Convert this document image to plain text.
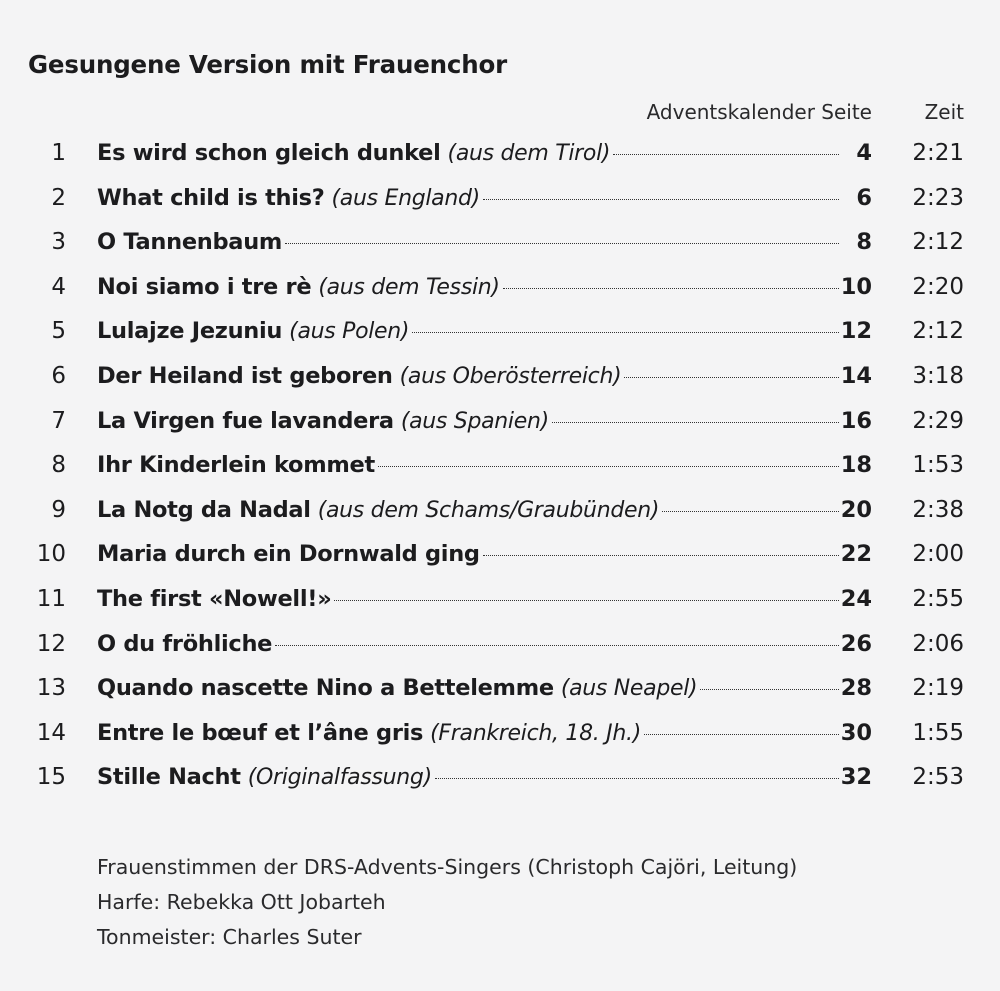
Gesungene Version mit Frauenchor
Adventskalender Seite	Zeit
1 Es wird schon gleich dunkel (aus dem Tirol)	4 2:21
2 What child is this? (aus England)	6 2:23
3 O Tannenbaum	8 2:12
4 Noi siamo i tre rè (aus dem Tessin)	10 2:20
5 Lulajze Jezuniu (aus Polen)	12 2:12
6 Der Heiland ist geboren (aus Oberösterreich)	14 3:18
7 La Virgen fue lavandera (aus Spanien)	16 2:29
8 Ihr Kinderlein kommet	18 1:53
9 La Notg da Nadal (aus dem Schams/Graubünden)	20 2:38
10 Maria durch ein Dornwald ging	22 2:00
11 The first «Nowell!»	24 2:55
12 O du fröhliche	26 2:06
13 Quando nascette Nino a Bettelemme (aus Neapel)	28 2:19
14 Entre le bœuf et l’âne gris (Frankreich, 18. Jh.)	30 1:55
15 Stille Nacht (Originalfassung)	32 2:53
Frauenstimmen der DRS-Advents-Singers (Christoph Cajöri, Leitung)
Harfe: Rebekka Ott Jobarteh
Tonmeister: Charles Suter
